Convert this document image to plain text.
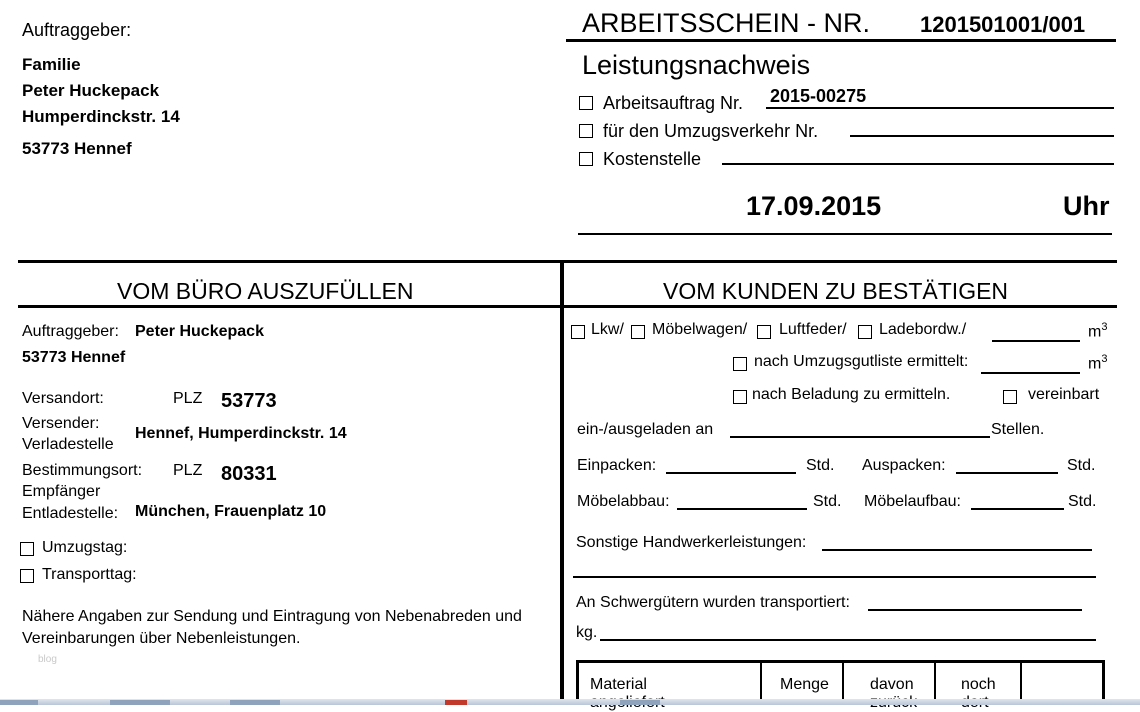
Auftraggeber:
Familie
Peter Huckepack
Humperdinckstr. 14
53773 Hennef
ARBEITSSCHEIN - NR. 1201501001/001
Leistungsnachweis
Arbeitsauftrag Nr. 2015-00275
für den Umzugsverkehr Nr.
Kostenstelle
17.09.2015	Uhr
VOM BÜRO AUSZUFÜLLEN	VOM KUNDEN ZU BESTÄTIGEN
Auftraggeber: Peter Huckepack
53773 Hennef
Versandort:	PLZ 53773
Versender:
Verladestelle
Hennef, Humperdinckstr. 14
Bestimmungsort: PLZ 80331
Empfänger
Entladestelle: München, Frauenplatz 10
Umzugstag:
Transporttag:
Nähere Angaben zur Sendung und Eintragung von Nebenabreden und
Vereinbarungen über Nebenleistungen.
blog
Lkw/ Möbelwagen/ Luftfeder/ Ladebordw./	$m^3$
nach Umzugsgutliste ermittelt:	$m^3$
nach Beladung zu ermitteln.	vereinbart
ein-/ausgeladen an	Stellen.
Einpacken:	Std. Auspacken:	Std.
Möbelabbau:	Std. Möbelaufbau:	Std.
Sonstige Handwerkerleistungen:
An Schwergütern wurden transportiert:
kg.
Material	Menge	davon	noch
